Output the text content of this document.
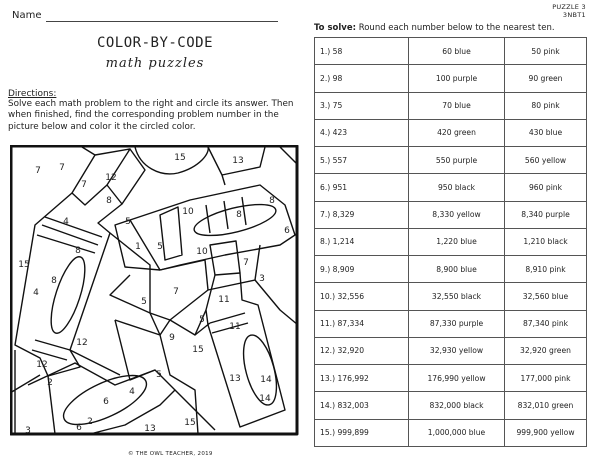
Name
PUZZLE 3
3NBT1
COLOR-BY-CODE
math puzzles
Directions:
Solve each math problem to the right and circle its answer. Then when finished, find the corresponding problem number in the picture below and color it the circled color.
To solve: Round each number below to the nearest ten.
1.) 58	60 blue	50 pink
2.) 98	100 purple	90 green
3.) 75	70 blue	80 pink
4.) 423	420 green	430 blue
5.) 557	550 purple	560 yellow
6.) 951	950 black	960 pink
7.) 8,329	8,330 yellow	8,340 purple
8.) 1,214	1,220 blue	1,210 black
9.) 8,909	8,900 blue	8,910 pink
10.) 32,556	32,550 black	32,560 blue
11.) 87,334	87,330 purple	87,340 pink
12.) 32,920	32,930 yellow	32,920 green
13.) 176,992	176,990 yellow	177,000 pink
14.) 832,003	832,000 black	832,010 green
15.) 999,899	1,000,000 blue	999,900 yellow
7 7
12
15	13
7
8
8
10
8
6
5
1	10
5
4
8
15
8
4	7
7
12
5
5
11
3
11
9
15
12
2
4
14
5
2
6
3	13
15
6
13
14
© THE OWL TEACHER, 2019
